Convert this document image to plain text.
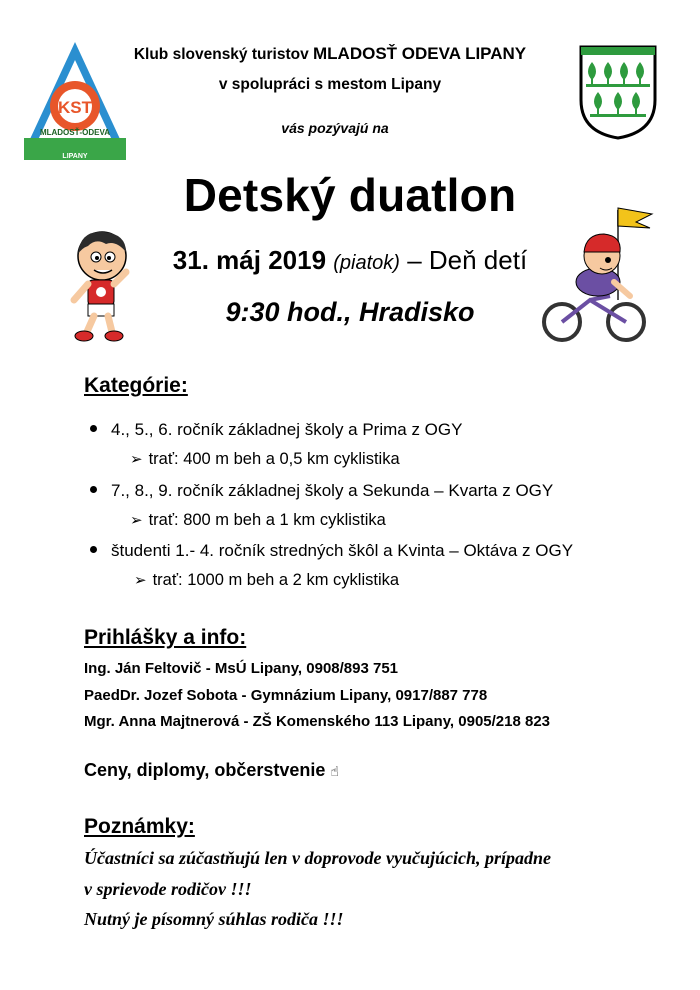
KST
MLADOSŤ-ODEVA
LIPANY
Klub slovenský turistov MLADOSŤ ODEVA LIPANY
v spolupráci s mestom Lipany
vás pozývajú na
Detský duatlon
31. máj 2019 (piatok) – Deň detí
9:30 hod., Hradisko
Kategórie:
4., 5., 6. ročník základnej školy a Prima z OGY
➢ trať: 400 m beh a 0,5 km cyklistika
7., 8., 9. ročník základnej školy a Sekunda – Kvarta z OGY
➢ trať: 800 m beh a 1 km cyklistika
študenti 1.- 4. ročník stredných škôl a Kvinta – Oktáva z OGY
➢ trať: 1000 m beh a 2 km cyklistika
Prihlášky a info:
Ing. Ján Feltovič - MsÚ Lipany, 0908/893 751
PaedDr. Jozef Sobota - Gymnázium Lipany, 0917/887 778
Mgr. Anna Majtnerová - ZŠ Komenského 113 Lipany, 0905/218 823
Ceny, diplomy, občerstvenie ☝
Poznámky:
Účastníci sa zúčastňujú len v doprovode vyučujúcich, prípadne
v sprievode rodičov !!!
Nutný je písomný súhlas rodiča !!!
